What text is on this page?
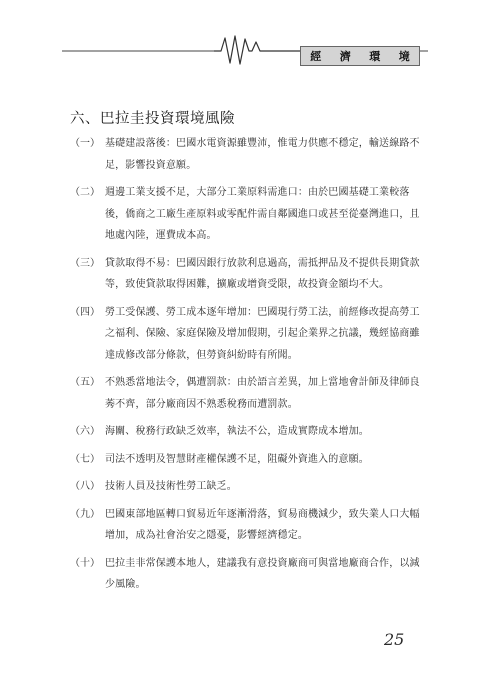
經 濟 環 境
六、巴拉圭投資環境風險
（一） 基礎建設落後：巴國水電資源雖豐沛，惟電力供應不穩定，輸送線路不
足，影響投資意願。
（二） 週邊工業支援不足，大部分工業原料需進口：由於巴國基礎工業較落
後，僑商之工廠生產原料或零配件需自鄰國進口或甚至從臺灣進口，且
地處內陸，運費成本高。
（三） 貸款取得不易：巴國因銀行放款利息過高，需抵押品及不提供長期貸款
等，致使貸款取得困難，擴廠或增資受限，故投資金額均不大。
（四） 勞工受保護、勞工成本逐年增加：巴國現行勞工法，前經修改提高勞工
之福利、保險、家庭保險及增加假期，引起企業界之抗議，幾經協商雖
達成修改部分條款，但勞資糾紛時有所聞。
（五） 不熟悉當地法令，偶遭罰款：由於語言差異，加上當地會計師及律師良
莠不齊，部分廠商因不熟悉稅務而遭罰款。
（六） 海關、稅務行政缺乏效率，執法不公，造成實際成本增加。
（七） 司法不透明及智慧財產權保護不足，阻礙外資進入的意願。
（八） 技術人員及技術性勞工缺乏。
（九） 巴國東部地區轉口貿易近年逐漸滑落，貿易商機減少，致失業人口大幅
增加，成為社會治安之隱憂，影響經濟穩定。
（十） 巴拉圭非常保護本地人，建議我有意投資廠商可與當地廠商合作，以減
少風險。
25
